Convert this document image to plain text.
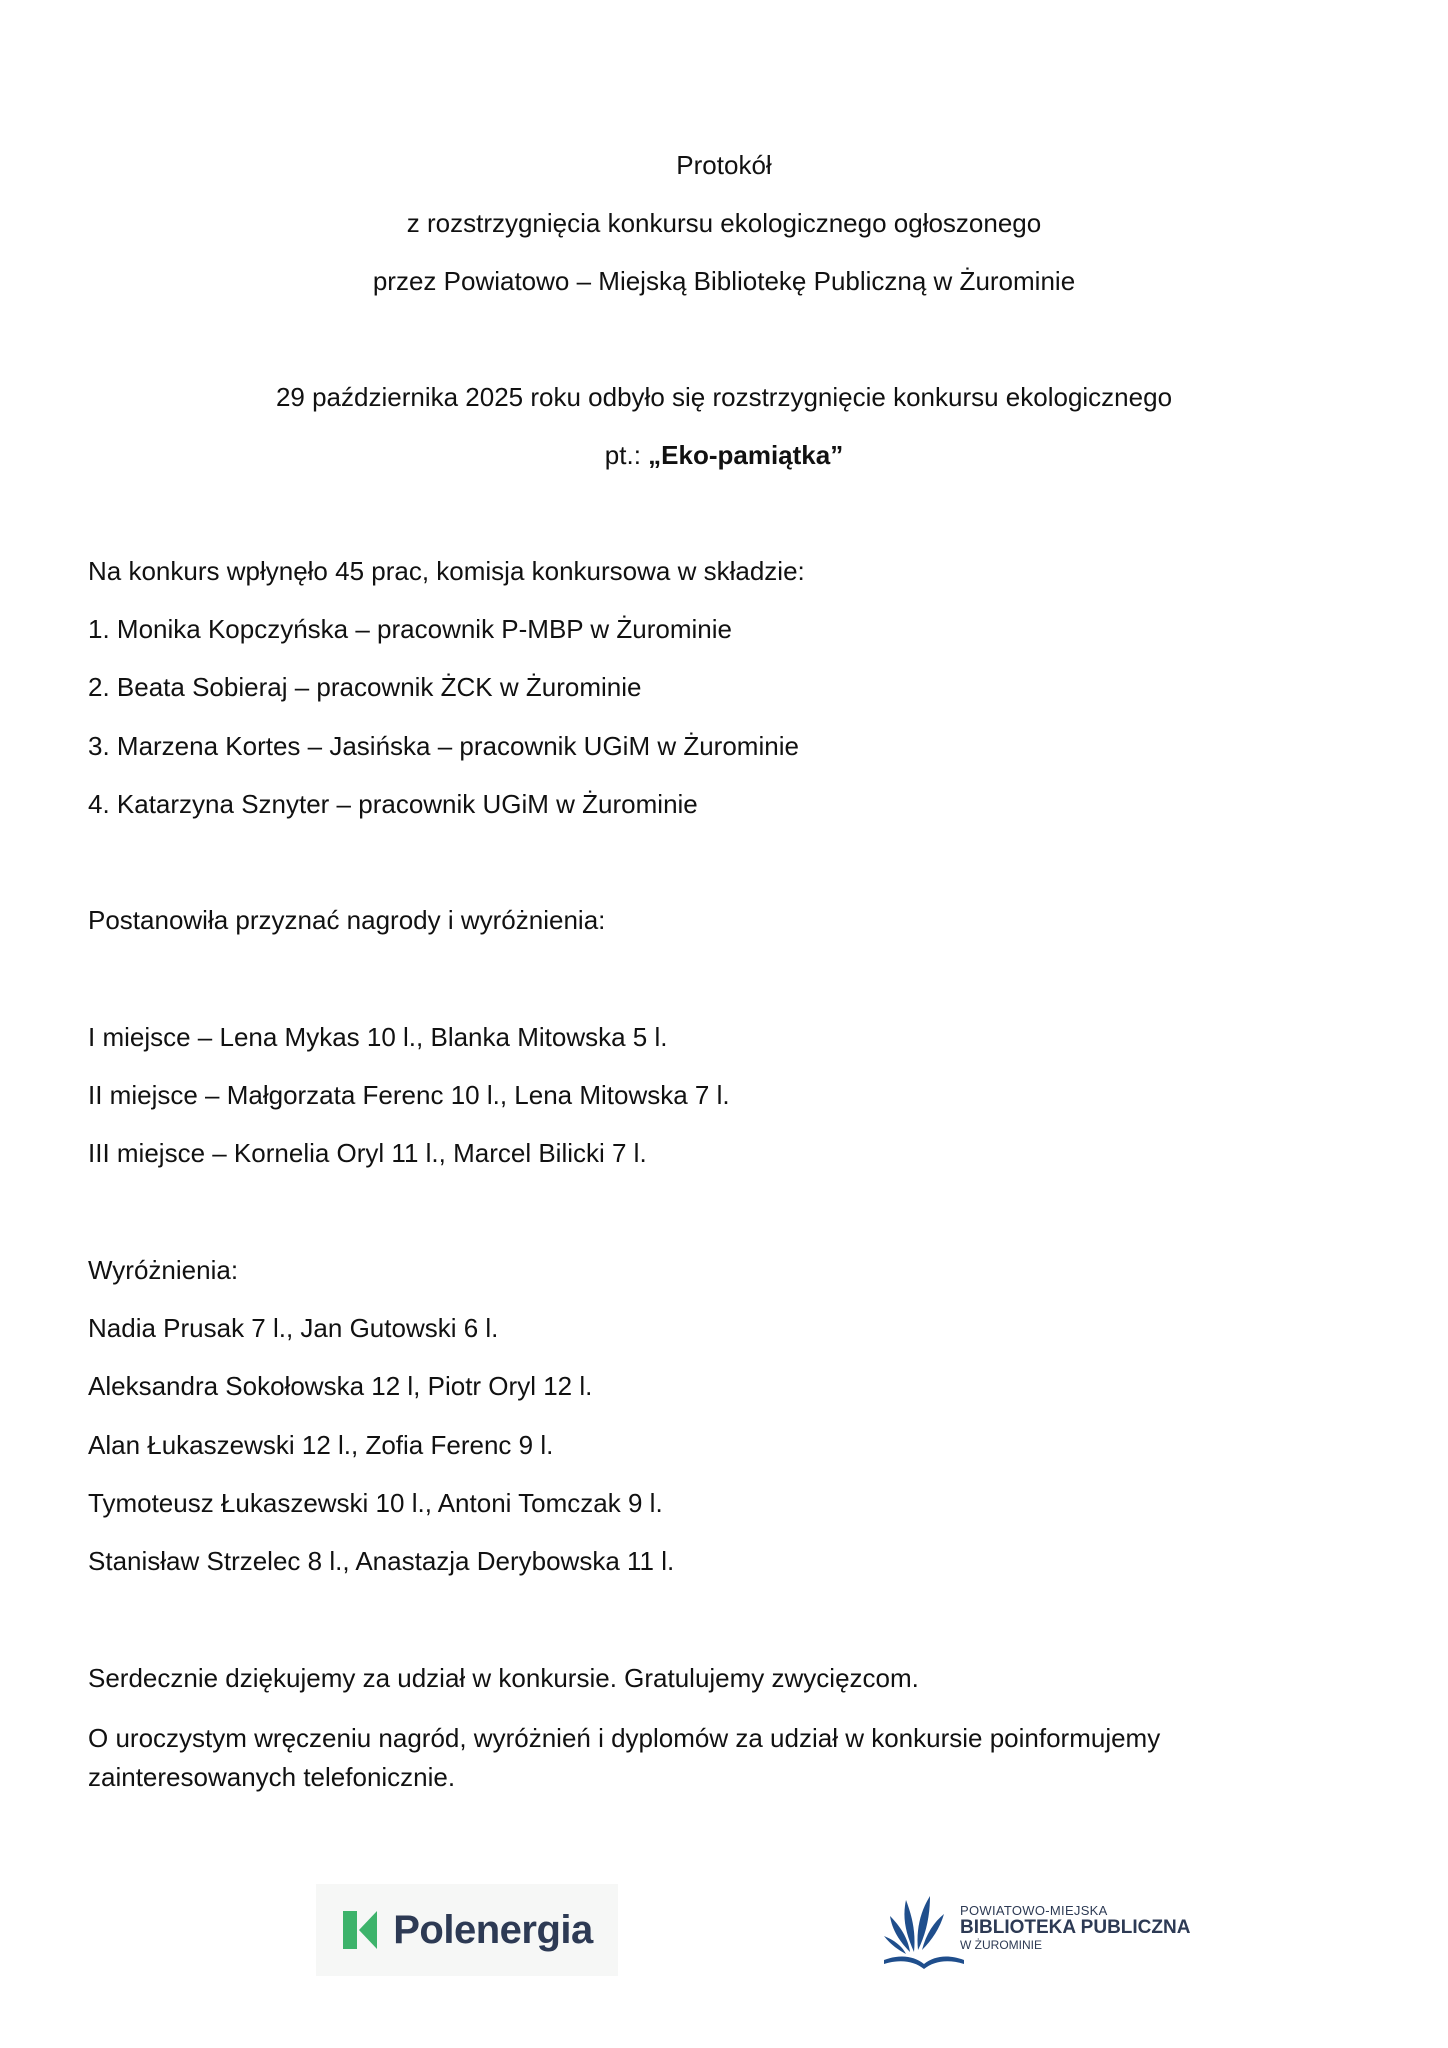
Protokół
z rozstrzygnięcia konkursu ekologicznego ogłoszonego
przez Powiatowo – Miejską Bibliotekę Publiczną w Żurominie
29 października 2025 roku odbyło się rozstrzygnięcie konkursu ekologicznego
pt.: „Eko-pamiątka”
Na konkurs wpłynęło 45 prac, komisja konkursowa w składzie:
1. Monika Kopczyńska – pracownik P-MBP w Żurominie
2. Beata Sobieraj – pracownik ŻCK w Żurominie
3. Marzena Kortes – Jasińska – pracownik UGiM w Żurominie
4. Katarzyna Sznyter – pracownik UGiM w Żurominie
Postanowiła przyznać nagrody i wyróżnienia:
I miejsce – Lena Mykas 10 l., Blanka Mitowska 5 l.
II miejsce – Małgorzata Ferenc 10 l., Lena Mitowska 7 l.
III miejsce – Kornelia Oryl 11 l., Marcel Bilicki 7 l.
Wyróżnienia:
Nadia Prusak 7 l., Jan Gutowski 6 l.
Aleksandra Sokołowska 12 l, Piotr Oryl 12 l.
Alan Łukaszewski 12 l., Zofia Ferenc 9 l.
Tymoteusz Łukaszewski 10 l., Antoni Tomczak 9 l.
Stanisław Strzelec 8 l., Anastazja Derybowska 11 l.
Serdecznie dziękujemy za udział w konkursie. Gratulujemy zwycięzcom.
O uroczystym wręczeniu nagród, wyróżnień i dyplomów za udział w konkursie poinformujemy zainteresowanych telefonicznie.
Polenergia	POWIATOWO-MIEJSKA
BIBLIOTEKA PUBLICZNA
W ŻUROMINIE
